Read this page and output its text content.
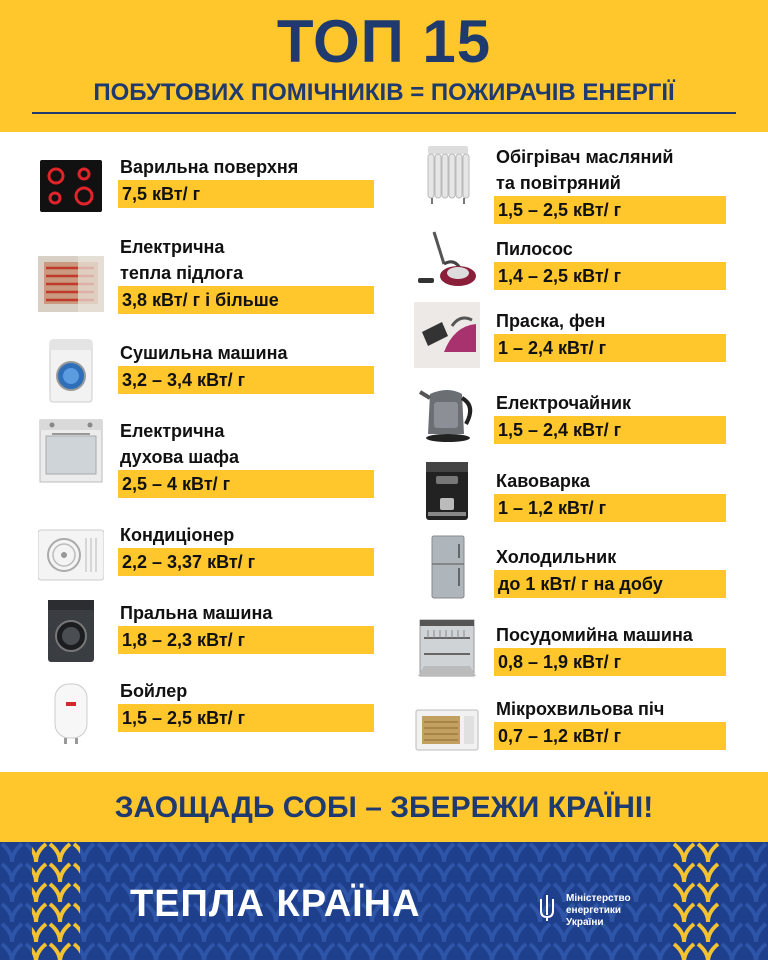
ТОП 15
ПОБУТОВИХ ПОМІЧНИКІВ = ПОЖИРАЧІВ ЕНЕРГІЇ
Варильна поверхня
7,5 кВт/ г
Електрична
тепла підлога
3,8 кВт/ г і більше
Сушильна машина
3,2 – 3,4 кВт/ г
Електрична
духова шафа
2,5 – 4 кВт/ г
Кондиціонер
2,2 – 3,37 кВт/ г
Пральна машина
1,8 – 2,3 кВт/ г
Бойлер
1,5 – 2,5 кВт/ г
Обігрівач масляний
та повітряний
1,5 – 2,5 кВт/ г
Пилосос
1,4 – 2,5 кВт/ г
Праска, фен
1 – 2,4 кВт/ г
Електрочайник
1,5 – 2,4 кВт/ г
Кавоварка
1 – 1,2 кВт/ г
Холодильник
до 1 кВт/ г на добу
Посудомийна машина
0,8 – 1,9 кВт/ г
Мікрохвильова піч
0,7 – 1,2 кВт/ г
ЗАОЩАДЬ СОБІ – ЗБЕРЕЖИ КРАЇНІ!
ТЕПЛА КРАЇНА	Міністерство
енергетики
України
